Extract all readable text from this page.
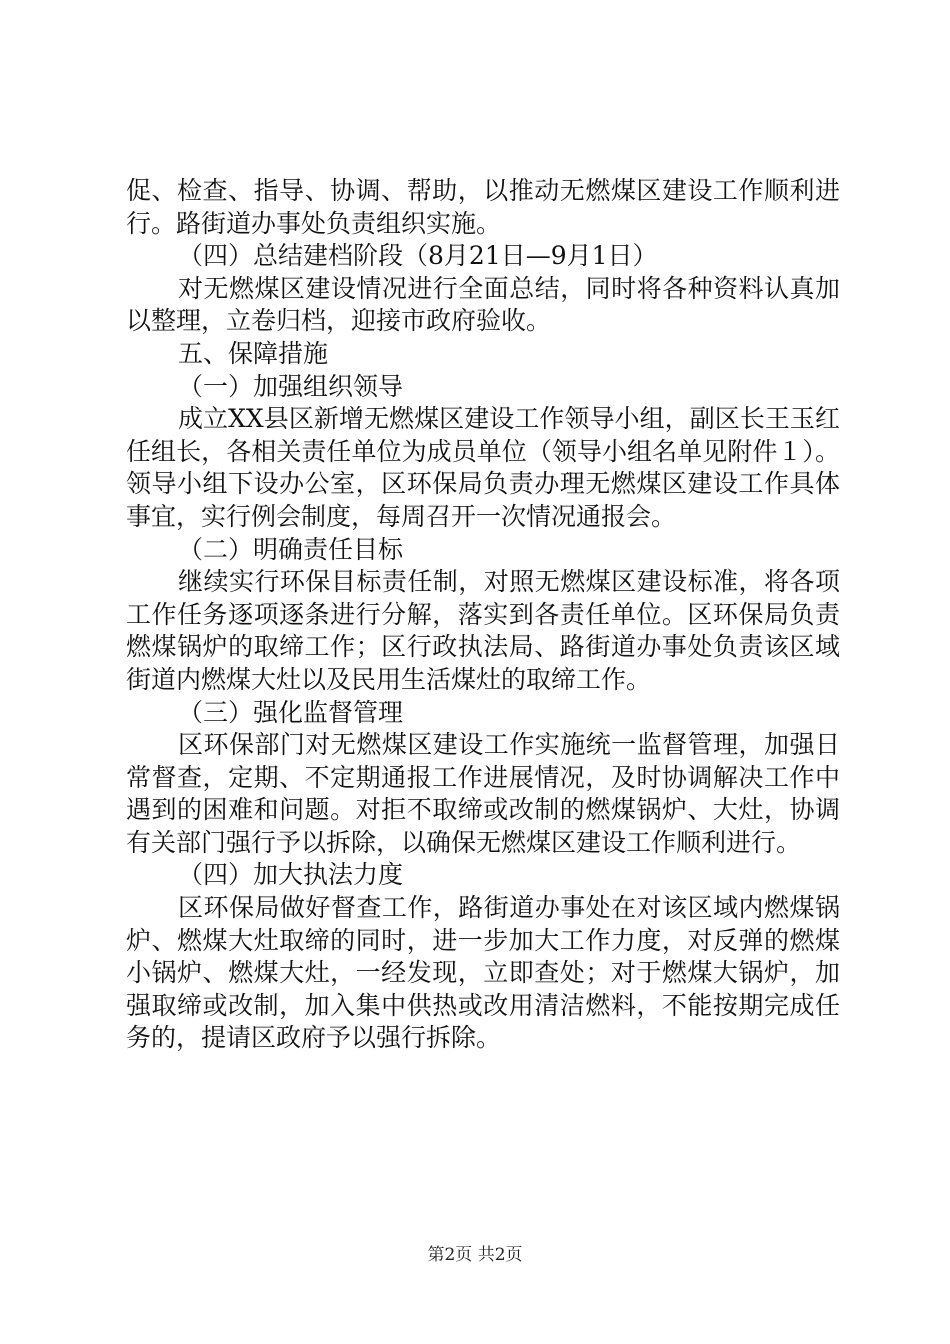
促、检查、指导、协调、帮助，以推动无燃煤区建设工作顺利进行。路街道办事处负责组织实施。

（四）总结建档阶段（8月21日—9月1日）

对无燃煤区建设情况进行全面总结，同时将各种资料认真加以整理，立卷归档，迎接市政府验收。

五、保障措施

（一）加强组织领导

成立XX县区新增无燃煤区建设工作领导小组，副区长王玉红任组长，各相关责任单位为成员单位（领导小组名单见附件１）。领导小组下设办公室，区环保局负责办理无燃煤区建设工作具体事宜，实行例会制度，每周召开一次情况通报会。

（二）明确责任目标

继续实行环保目标责任制，对照无燃煤区建设标准，将各项工作任务逐项逐条进行分解，落实到各责任单位。区环保局负责燃煤锅炉的取缔工作；区行政执法局、路街道办事处负责该区域街道内燃煤大灶以及民用生活煤灶的取缔工作。

（三）强化监督管理

区环保部门对无燃煤区建设工作实施统一监督管理，加强日常督查，定期、不定期通报工作进展情况，及时协调解决工作中遇到的困难和问题。对拒不取缔或改制的燃煤锅炉、大灶，协调有关部门强行予以拆除，以确保无燃煤区建设工作顺利进行。

（四）加大执法力度

区环保局做好督查工作，路街道办事处在对该区域内燃煤锅炉、燃煤大灶取缔的同时，进一步加大工作力度，对反弹的燃煤小锅炉、燃煤大灶，一经发现，立即查处；对于燃煤大锅炉，加强取缔或改制，加入集中供热或改用清洁燃料，不能按期完成任务的，提请区政府予以强行拆除。

第2页 共2页
